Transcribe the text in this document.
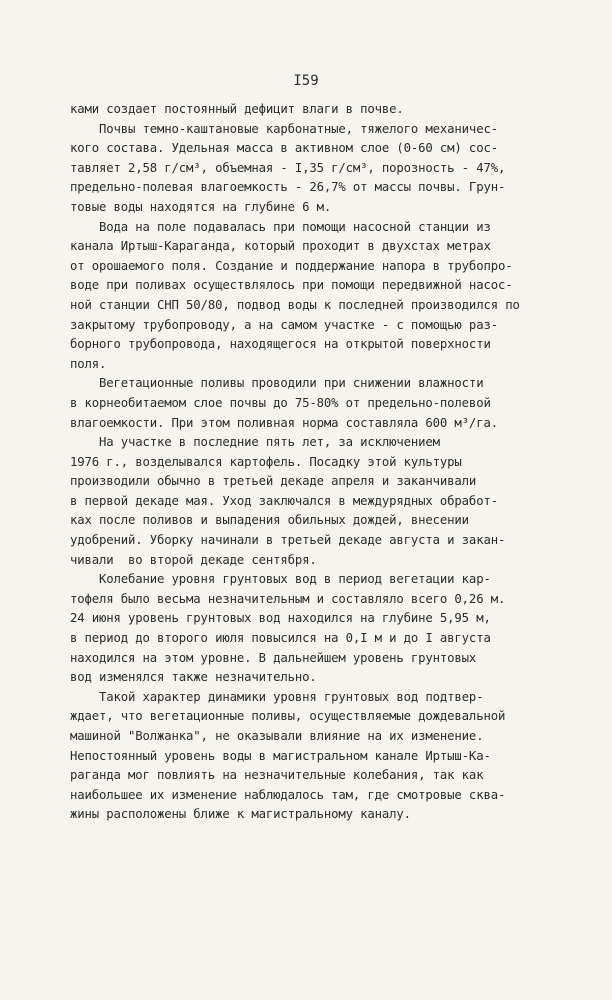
I59
ками создает постоянный дефицит влаги в почве.
Почвы темно-каштановые карбонатные, тяжелого механичес-
кого состава. Удельная масса в активном слое (0-60 см) сос-
тавляет 2,58 г/см³, объемная - I,35 г/см³, порозность - 47%,
предельно-полевая влагоемкость - 26,7% от массы почвы. Грун-
товые воды находятся на глубине 6 м.
Вода на поле подавалась при помощи насосной станции из
канала Иртыш-Караганда, который проходит в двухстах метрах
от орошаемого поля. Создание и поддержание напора в трубопро-
воде при поливах осуществлялось при помощи передвижной насос-
ной станции СНП 50/80, подвод воды к последней производился по
закрытому трубопроводу, а на самом участке - с помощью раз-
борного трубопровода, находящегося на открытой поверхности
поля.
Вегетационные поливы проводили при снижении влажности
в корнеобитаемом слое почвы до 75-80% от предельно-полевой
влагоемкости. При этом поливная норма составляла 600 м³/га.
На участке в последние пять лет, за исключением
1976 г., возделывался картофель. Посадку этой культуры
производили обычно в третьей декаде апреля и заканчивали
в первой декаде мая. Уход заключался в междурядных обработ-
ках после поливов и выпадения обильных дождей, внесении
удобрений. Уборку начинали в третьей декаде августа и закан-
чивали  во второй декаде сентября.
Колебание уровня грунтовых вод в период вегетации кар-
тофеля было весьма незначительным и составляло всего 0,26 м.
24 июня уровень грунтовых вод находился на глубине 5,95 м,
в период до второго июля повысился на 0,I м и до I августа
находился на этом уровне. В дальнейшем уровень грунтовых
вод изменялся также незначительно.
Такой характер динамики уровня грунтовых вод подтвер-
ждает, что вегетационные поливы, осуществляемые дождевальной
машиной "Волжанка", не оказывали влияние на их изменение.
Непостоянный уровень воды в магистральном канале Иртыш-Ка-
раганда мог повлиять на незначительные колебания, так как
наибольшее их изменение наблюдалось там, где смотровые сква-
жины расположены ближе к магистральному каналу.
